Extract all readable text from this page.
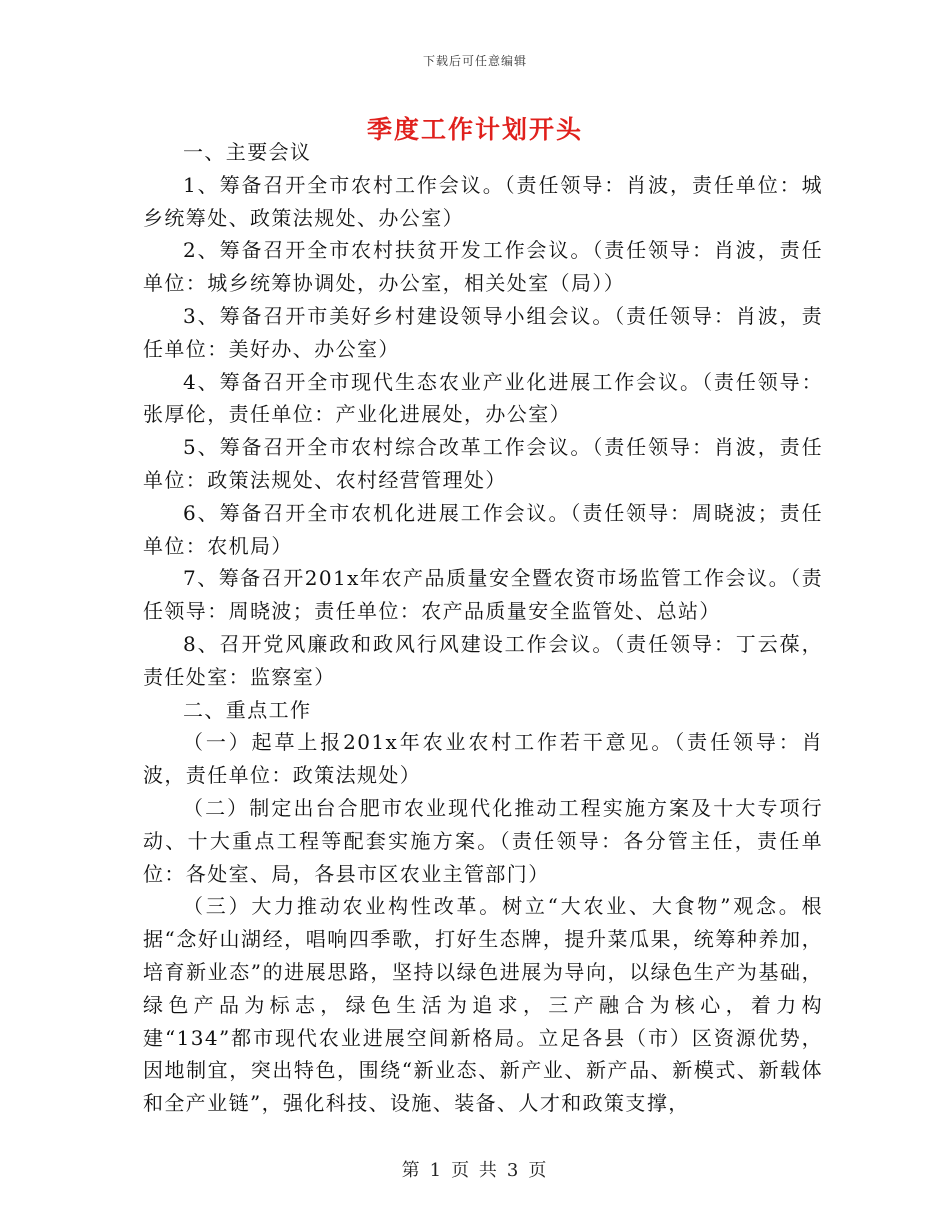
下载后可任意编辑
季度工作计划开头

一、主要会议

1、筹备召开全市农村工作会议。（责任领导：肖波，责任单位：城乡统筹处、政策法规处、办公室）

2、筹备召开全市农村扶贫开发工作会议。（责任领导：肖波，责任单位：城乡统筹协调处，办公室，相关处室（局））

3、筹备召开市美好乡村建设领导小组会议。（责任领导：肖波，责任单位：美好办、办公室）

4、筹备召开全市现代生态农业产业化进展工作会议。（责任领导：张厚伦，责任单位：产业化进展处，办公室）

5、筹备召开全市农村综合改革工作会议。（责任领导：肖波，责任单位：政策法规处、农村经营管理处）

6、筹备召开全市农机化进展工作会议。（责任领导：周晓波；责任单位：农机局）

7、筹备召开201x年农产品质量安全暨农资市场监管工作会议。（责任领导：周晓波；责任单位：农产品质量安全监管处、总站）

8、召开党风廉政和政风行风建设工作会议。（责任领导：丁云葆，责任处室：监察室）

二、重点工作

（一）起草上报201x年农业农村工作若干意见。（责任领导：肖波，责任单位：政策法规处）

（二）制定出台合肥市农业现代化推动工程实施方案及十大专项行动、十大重点工程等配套实施方案。（责任领导：各分管主任，责任单位：各处室、局，各县市区农业主管部门）

（三）大力推动农业构性改革。树立“大农业、大食物”观念。根据“念好山湖经，唱响四季歌，打好生态牌，提升菜瓜果，统筹种养加，培育新业态”的进展思路，坚持以绿色进展为导向，以绿色生产为基础，绿色产品为标志，绿色生活为追求，三产融合为核心，着力构建“134”都市现代农业进展空间新格局。立足各县（市）区资源优势，因地制宜，突出特色，围绕“新业态、新产业、新产品、新模式、新载体和全产业链”，强化科技、设施、装备、人才和政策支撑，

第 1 页 共 3 页
